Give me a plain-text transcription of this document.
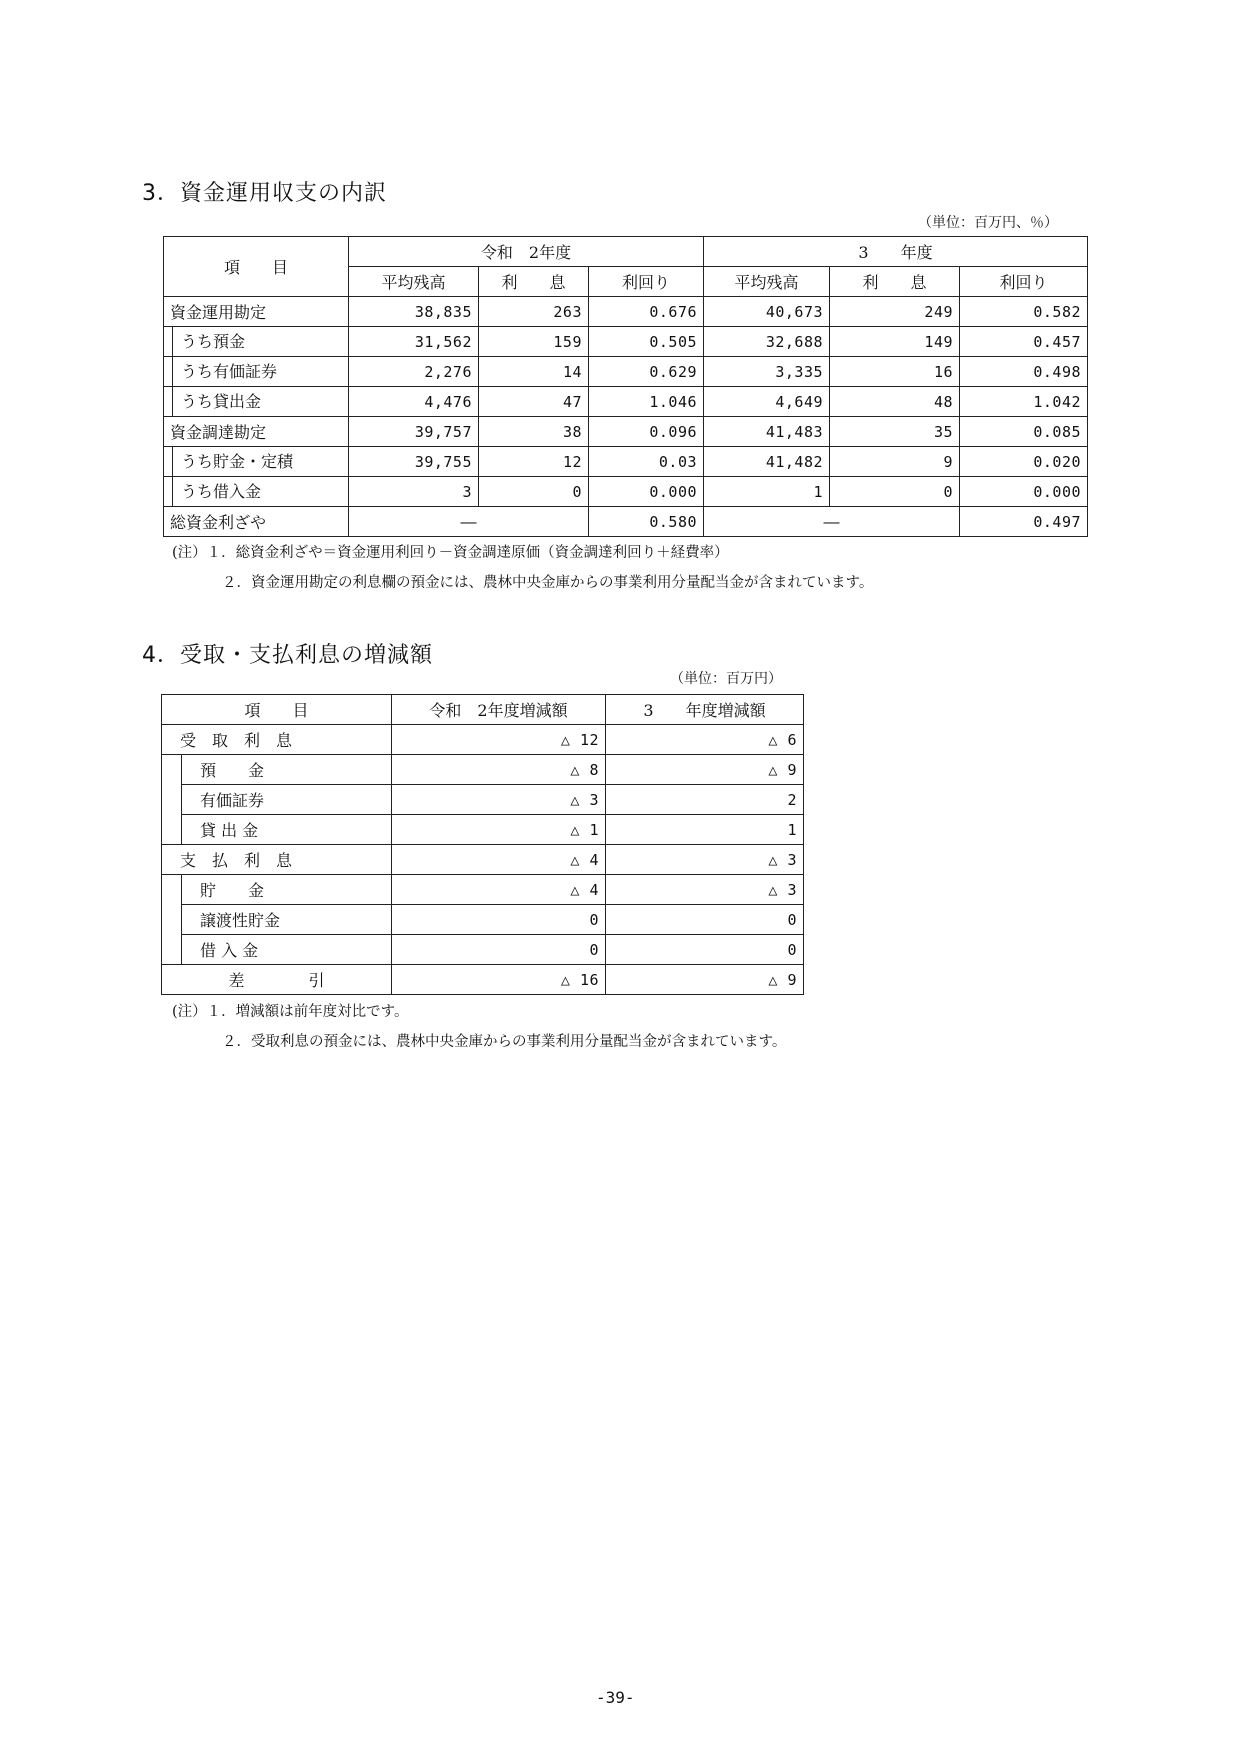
3．資金運用収支の内訳
（単位：百万円、％）
項　　目	令和　2年度			3　　年度		
	平均残高	利　　息	利回り	平均残高	利　　息	利回り
資金運用勘定	38,835	263	0.676	40,673	249	0.582

うち預金	31,562	159	0.505	32,688	149	0.457

うち有価証券	2,276	14	0.629	3,335	16	0.498

うち貸出金	4,476	47	1.046	4,649	48	1.042
資金調達勘定	39,757	38	0.096	41,483	35	0.085

うち貯金・定積	39,755	12	0.03	41,482	9	0.020

うち借入金	3	0	0.000	1	0	0.000
総資金利ざや	―		0.580	―		0.497
(注）１．総資金利ざや＝資金運用利回り－資金調達原価（資金調達利回り＋経費率）
２．資金運用勘定の利息欄の預金には、農林中央金庫からの事業利用分量配当金が含まれています。
4．受取・支払利息の増減額
（単位：百万円）
項　　目		令和　2年度増減額	3　　年度増減額
受　取　利　息		△ 12	△ 6
	預　　金	△ 8	△ 9
	有価証券	△ 3	2
	貸 出 金	△ 1	1
支　払　利　息		△ 4	△ 3
	貯　　金	△ 4	△ 3
	譲渡性貯金	0	0
	借 入 金	0	0
差　　　　引		△ 16	△ 9
(注）１．増減額は前年度対比です。
２．受取利息の預金には、農林中央金庫からの事業利用分量配当金が含まれています。
-39-
